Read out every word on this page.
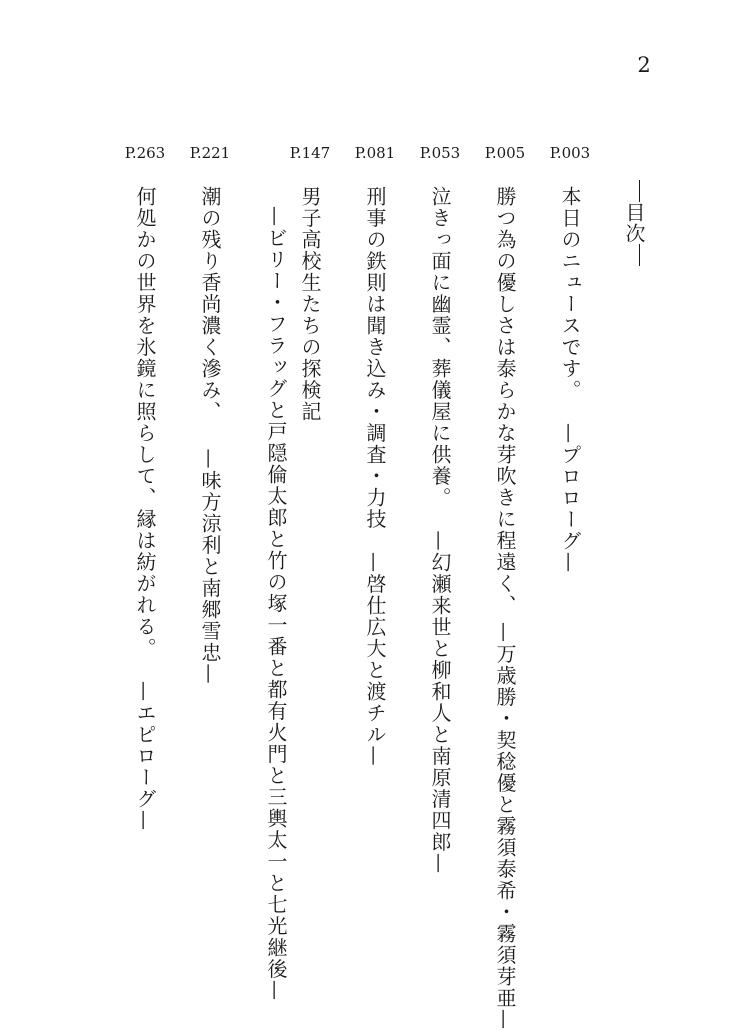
2
目次
P.003
本日のニュースです。—プロローグ—
P.005
勝つ為の優しさは泰らかな芽吹きに程遠く、—万歳勝・契稔優と霧須泰希・霧須芽亜—
P.053
泣きっ面に幽霊、葬儀屋に供養。—幻瀬来世と柳和人と南原清四郎—
P.081
刑事の鉄則は聞き込み・調査・力技—啓仕広大と渡チル—
P.147
男子高校生たちの探検記
—ビリー・フラッグと戸隠倫太郎と竹の塚一番と都有火門と三輿太一と七光継後—
P.221
潮の残り香尚濃く滲み、—味方涼利と南郷雪忠—
P.263
何処かの世界を氷鏡に照らして、縁は紡がれる。—エピローグ—
